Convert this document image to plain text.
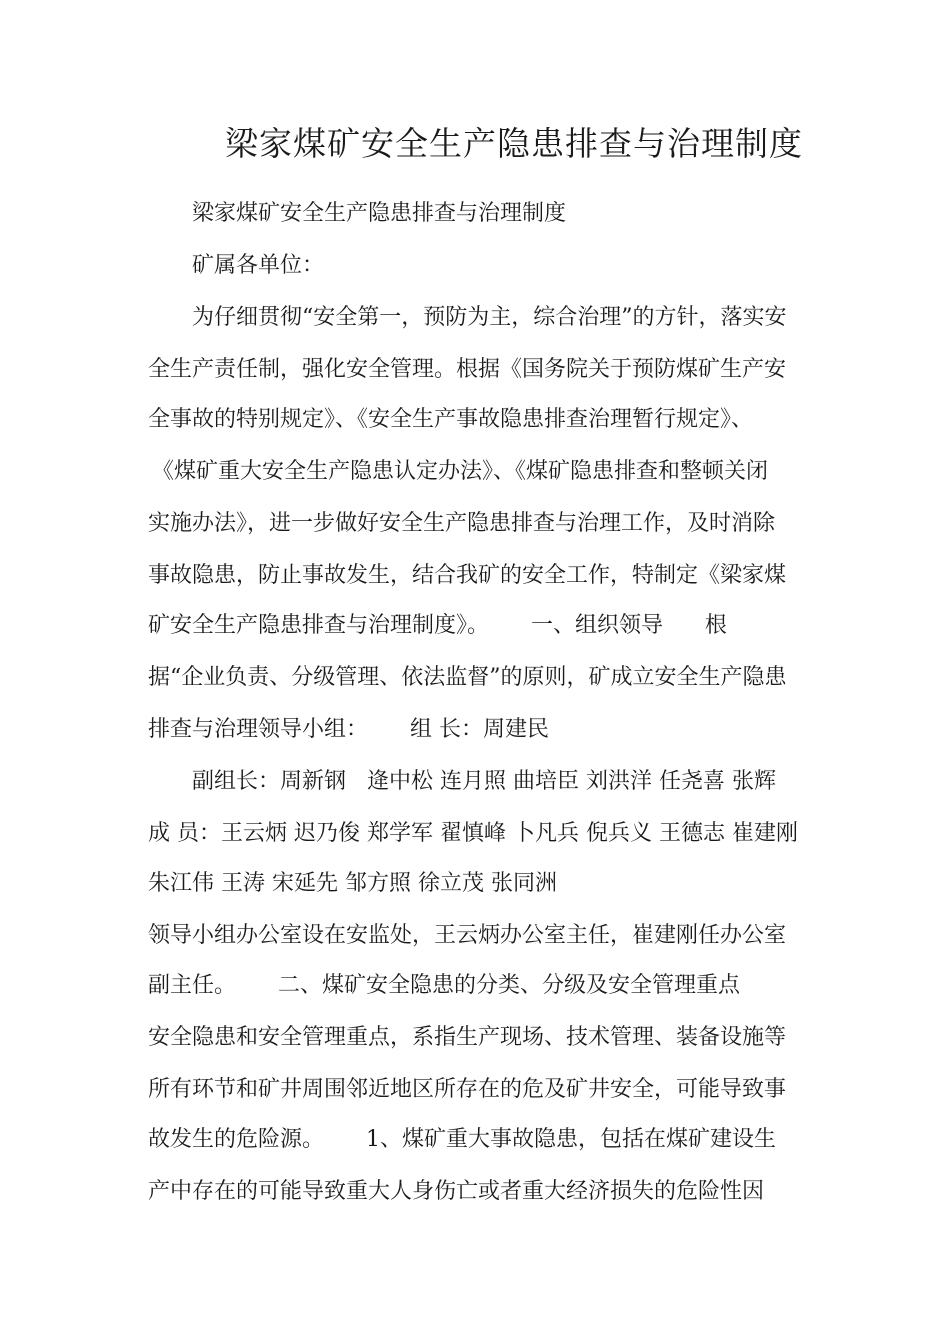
梁家煤矿安全生产隐患排查与治理制度
梁家煤矿安全生产隐患排查与治理制度
矿属各单位：
为仔细贯彻“安全第一，预防为主，综合治理”的方针，落实安
全生产责任制，强化安全管理。根据《国务院关于预防煤矿生产安
全事故的特别规定》、《安全生产事故隐患排查治理暂行规定》、
《煤矿重大安全生产隐患认定办法》、《煤矿隐患排查和整顿关闭
实施办法》，进一步做好安全生产隐患排查与治理工作，及时消除
事故隐患，防止事故发生，结合我矿的安全工作，特制定《梁家煤
矿安全生产隐患排查与治理制度》。      一、组织领导      根
据“企业负责、分级管理、依法监督”的原则，矿成立安全生产隐患
排查与治理领导小组：      组 长：周建民
副组长：周新钢   逄中松 连月照 曲培臣 刘洪洋 任尧喜 张辉
成 员：王云炳 迟乃俊 郑学军 翟慎峰 卜凡兵 倪兵义 王德志 崔建刚
朱江伟 王涛 宋延先 邹方照 徐立茂 张同洲
领导小组办公室设在安监处，王云炳办公室主任，崔建刚任办公室
副主任。      二、煤矿安全隐患的分类、分级及安全管理重点
安全隐患和安全管理重点，系指生产现场、技术管理、装备设施等
所有环节和矿井周围邻近地区所存在的危及矿井安全，可能导致事
故发生的危险源。      1、煤矿重大事故隐患，包括在煤矿建设生
产中存在的可能导致重大人身伤亡或者重大经济损失的危险性因
